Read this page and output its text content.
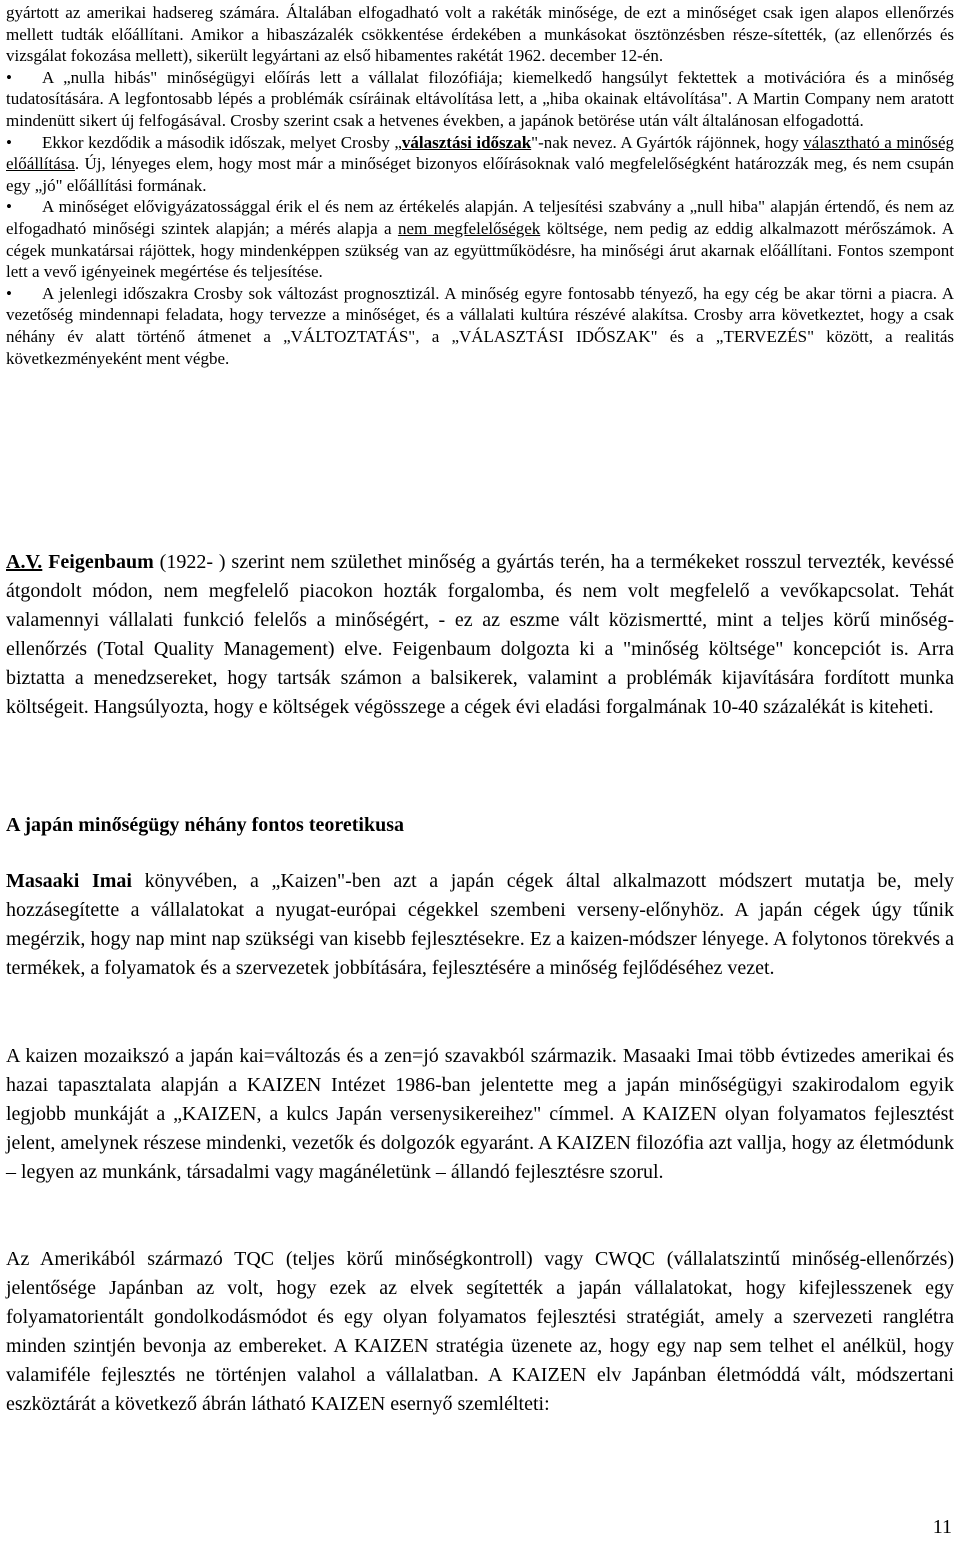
gyártott az amerikai hadsereg számára. Általában elfogadható volt a rakéták minősége, de ezt a minőséget csak igen alapos ellenőrzés mellett tudták előállítani. Amikor a hibaszázalék csökkentése érdekében a munkásokat ösztönzésben része-sítették, (az ellenőrzés és vizsgálat fokozása mellett), sikerült legyártani az első hibamentes rakétát 1962. december 12-én.

• A „nulla hibás" minőségügyi előírás lett a vállalat filozófiája; kiemelkedő hangsúlyt fektettek a motivációra és a minőség tudatosítására. A legfontosabb lépés a problémák csíráinak eltávolítása lett, a „hiba okainak eltávolítása". A Martin Company nem aratott mindenütt sikert új felfogásával. Crosby szerint csak a hetvenes években, a japánok betörése után vált általánosan elfogadottá.
• Ekkor kezdődik a második időszak, melyet Crosby „választási időszak"-nak nevez. A Gyártók rájönnek, hogy választható a minőség előállítása. Új, lényeges elem, hogy most már a minőséget bizonyos előírásoknak való megfelelőségként határozzák meg, és nem csupán egy „jó" előállítási formának.
• A minőséget elővigyázatossággal érik el és nem az értékelés alapján. A teljesítési szabvány a „null hiba" alapján értendő, és nem az elfogadható minőségi szintek alapján; a mérés alapja a nem megfelelőségek költsége, nem pedig az eddig alkalmazott mérőszámok. A cégek munkatársai rájöttek, hogy mindenképpen szükség van az együttműködésre, ha minőségi árut akarnak előállítani. Fontos szempont lett a vevő igényeinek megértése és teljesítése.
• A jelenlegi időszakra Crosby sok változást prognosztizál. A minőség egyre fontosabb tényező, ha egy cég be akar törni a piacra. A vezetőség mindennapi feladata, hogy tervezze a minőséget, és a vállalati kultúra részévé alakítsa. Crosby arra következtet, hogy a csak néhány év alatt történő átmenet a „VÁLTOZTATÁS", a „VÁLASZTÁSI IDŐSZAK" és a „TERVEZÉS" között, a realitás következményeként ment végbe.

A.V. Feigenbaum (1922- ) szerint nem születhet minőség a gyártás terén, ha a termékeket rosszul tervezték, kevéssé átgondolt módon, nem megfelelő piacokon hozták forgalomba, és nem volt megfelelő a vevőkapcsolat. Tehát valamennyi vállalati funkció felelős a minőségért, - ez az eszme vált közismertté, mint a teljes körű minőség-ellenőrzés (Total Quality Management) elve. Feigenbaum dolgozta ki a "minőség költsége" koncepciót is. Arra biztatta a menedzsereket, hogy tartsák számon a balsikerek, valamint a problémák kijavítására fordított munka költségeit. Hangsúlyozta, hogy e költségek végösszege a cégek évi eladási forgalmának 10-40 százalékát is kiteheti.

A japán minőségügy néhány fontos teoretikusa

Masaaki Imai könyvében, a „Kaizen"-ben azt a japán cégek által alkalmazott módszert mutatja be, mely hozzásegítette a vállalatokat a nyugat-európai cégekkel szembeni verseny-előnyhöz. A japán cégek úgy tűnik megérzik, hogy nap mint nap szükségi van kisebb fejlesztésekre. Ez a kaizen-módszer lényege. A folytonos törekvés a termékek, a folyamatok és a szervezetek jobbítására, fejlesztésére a minőség fejlődéséhez vezet.

A kaizen mozaikszó a japán kai=változás és a zen=jó szavakból származik. Masaaki Imai több évtizedes amerikai és hazai tapasztalata alapján a KAIZEN Intézet 1986-ban jelentette meg a japán minőségügyi szakirodalom egyik legjobb munkáját a „KAIZEN, a kulcs Japán versenysikereihez" címmel. A KAIZEN olyan folyamatos fejlesztést jelent, amelynek részese mindenki, vezetők és dolgozók egyaránt. A KAIZEN filozófia azt vallja, hogy az életmódunk – legyen az munkánk, társadalmi vagy magánéletünk – állandó fejlesztésre szorul.

Az Amerikából származó TQC (teljes körű minőségkontroll) vagy CWQC (vállalatszintű minőség-ellenőrzés) jelentősége Japánban az volt, hogy ezek az elvek segítették a japán vállalatokat, hogy kifejlesszenek egy folyamatorientált gondolkodásmódot és egy olyan folyamatos fejlesztési stratégiát, amely a szervezeti ranglétra minden szintjén bevonja az embereket. A KAIZEN stratégia üzenete az, hogy egy nap sem telhet el anélkül, hogy valamiféle fejlesztés ne történjen valahol a vállalatban. A KAIZEN elv Japánban életmóddá vált, módszertani eszköztárát a következő ábrán látható KAIZEN esernyő szemlélteti:

11
